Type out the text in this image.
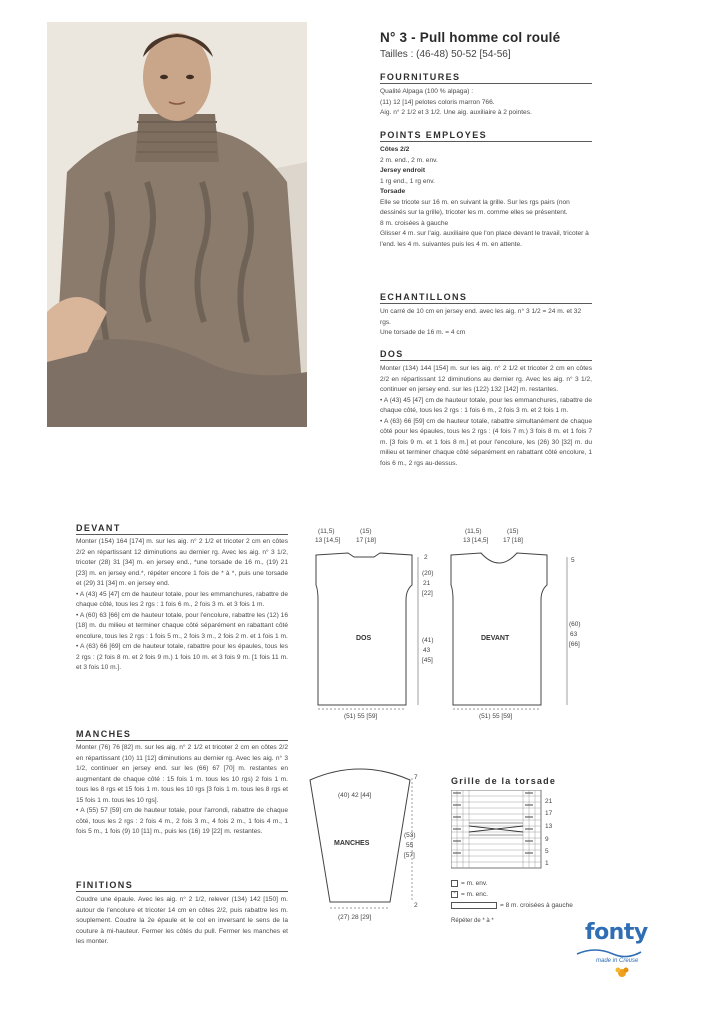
N° 3 - Pull homme col roulé
Tailles : (46-48) 50-52 [54-56]
FOURNITURES

Qualité Alpaga (100 % alpaga) :

(11) 12 [14] pelotes coloris marron 766.

Aig. n° 2 1/2 et 3 1/2. Une aig. auxiliaire à 2 pointes.

POINTS EMPLOYES

Côtes 2/2

2 m. end., 2 m. env.

Jersey endroit

1 rg end., 1 rg env.

Torsade

Elle se tricote sur 16 m. en suivant la grille. Sur les rgs pairs (non dessinés sur la grille), tricoter les m. comme elles se présentent.

8 m. croisées à gauche

Glisser 4 m. sur l'aig. auxiliaire que l'on place devant le travail, tricoter à l'end. les 4 m. suivantes puis les 4 m. en attente.

ECHANTILLONS

Un carré de 10 cm en jersey end. avec les aig. n° 3 1/2 = 24 m. et 32 rgs.

Une torsade de 16 m. = 4 cm

DOS

Monter (134) 144 [154] m. sur les aig. n° 2 1/2 et tricoter 2 cm en côtes 2/2 en répartissant 12 diminutions au dernier rg. Avec les aig. n° 3 1/2, continuer en jersey end. sur les (122) 132 [142] m. restantes.

• A (43) 45 [47] cm de hauteur totale, pour les emmanchures, rabattre de chaque côté, tous les 2 rgs : 1 fois 6 m., 2 fois 3 m. et 2 fois 1 m.

• A (63) 66 [59] cm de hauteur totale, rabattre simultanément de chaque côté pour les épaules, tous les 2 rgs : (4 fois 7 m.) 3 fois 8 m. et 1 fois 7 m. [3 fois 9 m. et 1 fois 8 m.] et pour l'encolure, les (26) 30 [32] m. du milieu et terminer chaque côté séparément en rabattant côté encolure, 1 fois 6 m., 2 rgs au-dessus.

DEVANT

Monter (154) 164 [174] m. sur les aig. n° 2 1/2 et tricoter 2 cm en côtes 2/2 en répartissant 12 diminutions au dernier rg. Avec les aig. n° 3 1/2, tricoter (28) 31 [34] m. en jersey end., *une torsade de 16 m., (19) 21 [23] m. en jersey end.*, répéter encore 1 fois de * à *, puis une torsade et (29) 31 [34] m. en jersey end.

• A (43) 45 [47] cm de hauteur totale, pour les emmanchures, rabattre de chaque côté, tous les 2 rgs : 1 fois 6 m., 2 fois 3 m. et 3 fois 1 m.

• A (60) 63 [66] cm de hauteur totale, pour l'encolure, rabattre les (12) 16 [18] m. du milieu et terminer chaque côté séparément en rabattant côté encolure, tous les 2 rgs : 1 fois 5 m., 2 fois 3 m., 2 fois 2 m. et 1 fois 1 m.

• A (63) 66 [69] cm de hauteur totale, rabattre pour les épaules, tous les 2 rgs : (2 fois 8 m. et 2 fois 9 m.) 1 fois 10 m. et 3 fois 9 m. [1 fois 11 m. et 3 fois 10 m.].

MANCHES

Monter (76) 76 [82] m. sur les aig. n° 2 1/2 et tricoter 2 cm en côtes 2/2 en répartissant (10) 11 [12] diminutions au dernier rg. Avec les aig. n° 3 1/2, continuer en jersey end. sur les (66) 67 [70] m. restantes en augmentant de chaque côté : 15 fois 1 m. tous les 10 rgs) 2 fois 1 m. tous les 8 rgs et 15 fois 1 m. tous les 10 rgs [3 fois 1 m. tous les 8 rgs et 15 fois 1 m. tous les 10 rgs].

• A (55) 57 [59] cm de hauteur totale, pour l'arrondi, rabattre de chaque côté, tous les 2 rgs : 2 fois 4 m., 2 fois 3 m., 4 fois 2 m., 1 fois 4 m., 1 fois 5 m., 1 fois (9) 10 [11] m., puis les (16) 19 [22] m. restantes.

FINITIONS

Coudre une épaule. Avec les aig. n° 2 1/2, relever (134) 142 [150] m. autour de l'encolure et tricoter 14 cm en côtes 2/2, puis rabattre les m. souplement. Coudre la 2e épaule et le col en inversant le sens de la couture à mi-hauteur. Fermer les côtés du pull. Fermer les manches et les monter.

(11,5)	(15)
13 [14,5] 17 [18]
2
(20)
21
[22]
DOS	(41)
43
[45]
(51) 55 [59]
(11,5)	(15)
13 [14,5] 17 [18]
5
DEVANT
(60)
63
[66]
(51) 55 [59]
(40) 42 [44]
7
MANCHES
(53)
55
[57]
2
(27) 28 [29]
Grille de la torsade
21
17
13
9
5
1
= m. env.
- = m. enc.
= 8 m. croisées à gauche
Répéter de * à *	fonty
made in Creuse
